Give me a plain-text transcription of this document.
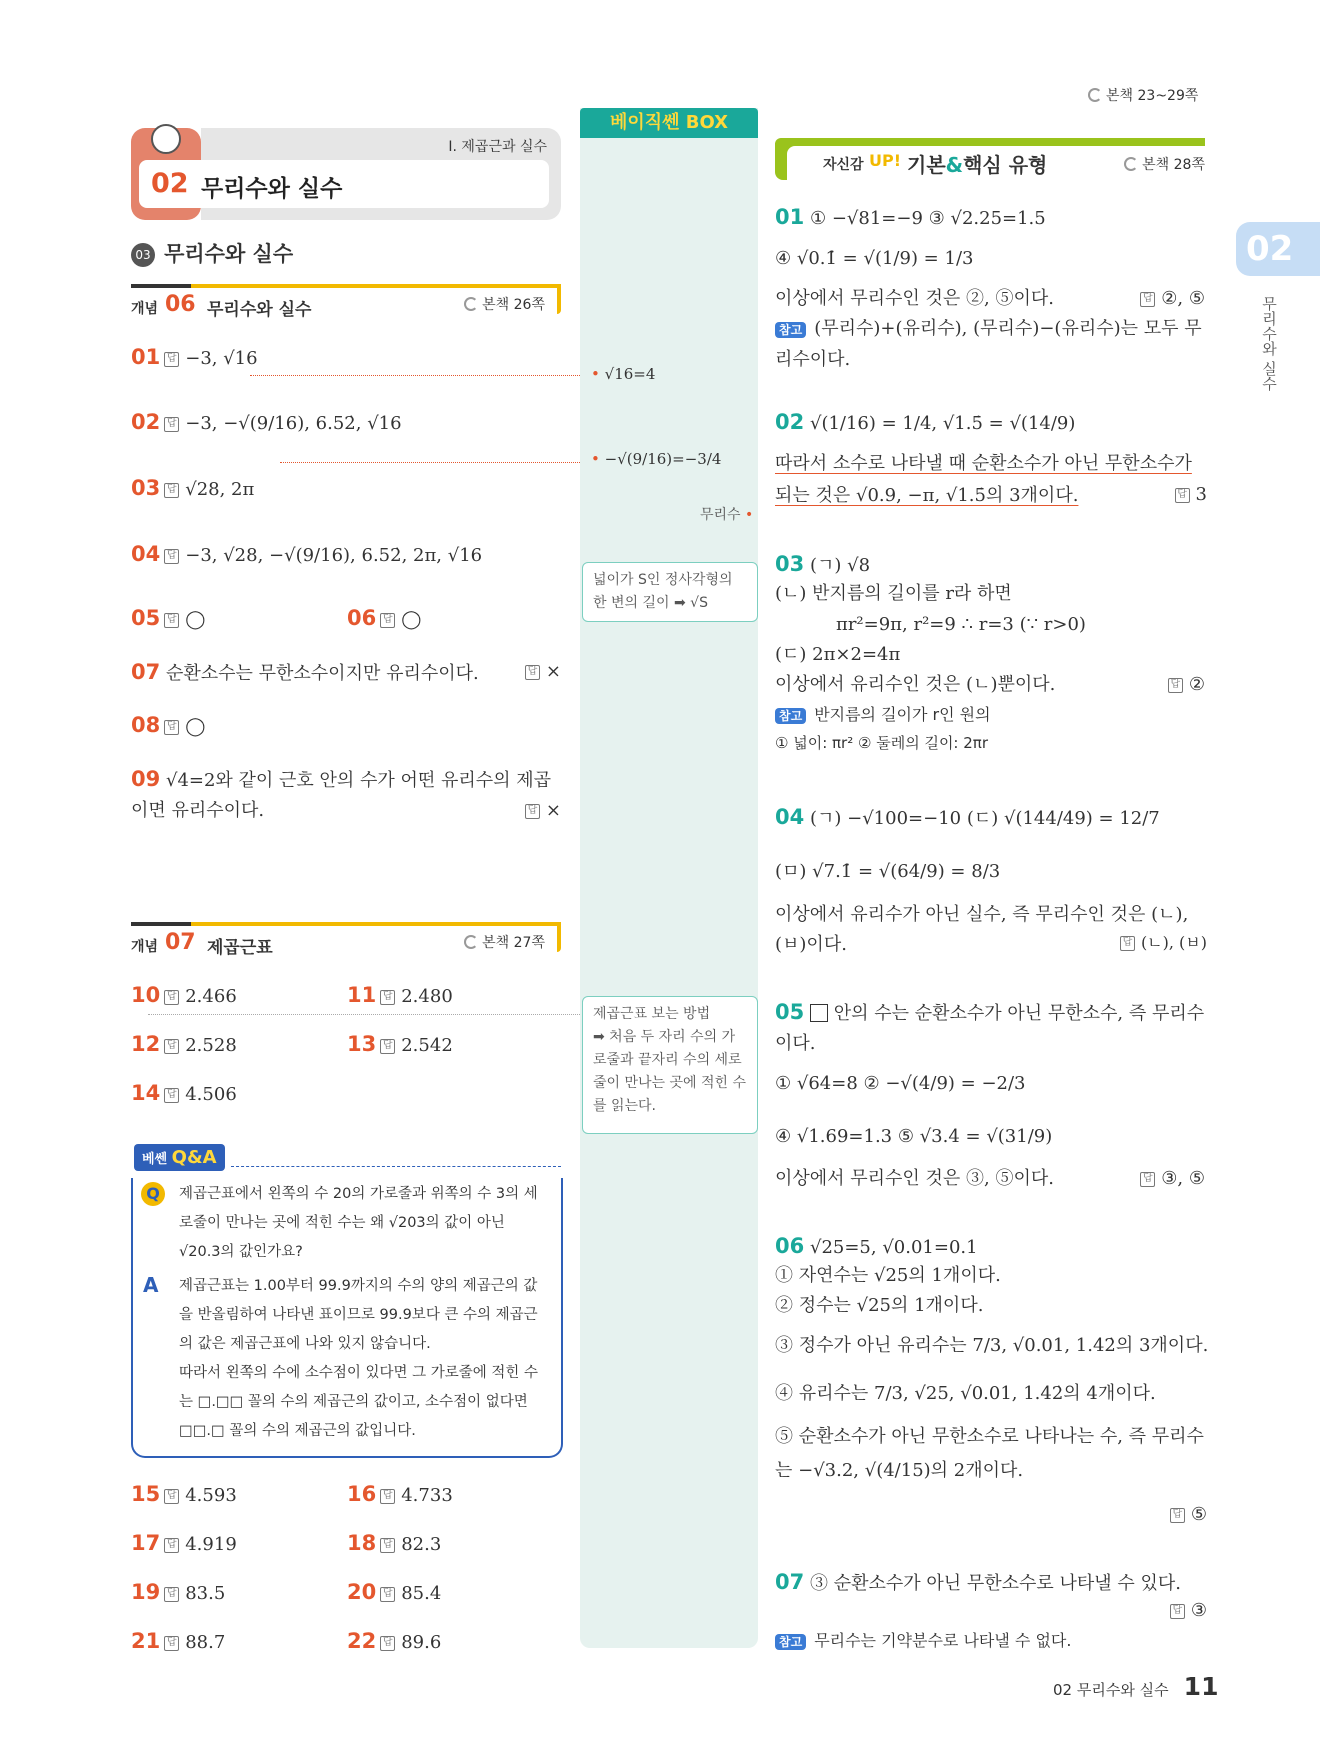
본책 23~29쪽
Ⅰ. 제곱근과 실수
02 무리수와 실수
03 무리수와 실수
개념 06 무리수와 실수	본책 26쪽
01 답 −3, √16
02 답 −3, −√(9/16), 6.52̇, √16
03 답 √28, 2π
04 답 −3, √28, −√(9/16), 6.52̇, 2π, √16
05 답 ◯	06 답 ◯
07 순환소수는 무한소수이지만 유리수이다.	답 ×
08 답 ◯
09 √4=2와 같이 근호 안의 수가 어떤 유리수의 제곱이면 유리수이다.	답 ×
개념 07 제곱근표	본책 27쪽
10 답 2.466	11 답 2.480
12 답 2.528	13 답 2.542
14 답 4.506
베쎈 Q&A
Q	제곱근표에서 왼쪽의 수 20의 가로줄과 위쪽의 수 3의 세로줄이 만나는 곳에 적힌 수는 왜 √203의 값이 아닌 √20.3의 값인가요?
A 제곱근표는 1.00부터 99.9까지의 수의 양의 제곱근의 값을 반올림하여 나타낸 표이므로 99.9보다 큰 수의 제곱근의 값은 제곱근표에 나와 있지 않습니다.
따라서 왼쪽의 수에 소수점이 있다면 그 가로줄에 적힌 수는 □.□□ 꼴의 수의 제곱근의 값이고, 소수점이 없다면 □□.□ 꼴의 수의 제곱근의 값입니다.
15 답 4.593	16 답 4.733
17 답 4.919	18 답 82.3
19 답 83.5	20 답 85.4
21 답 88.7	22 답 89.6
베이직쎈 BOX
• √16=4
• −√(9/16)=−3/4
무리수 •
넓이가 S인 정사각형의 한 변의 길이 ➡ √S
제곱근표 보는 방법
➡ 처음 두 자리 수의 가로줄과 끝자리 수의 세로줄이 만나는 곳에 적힌 수를 읽는다.
자신감 UP! 기본&핵심 유형	본책 28쪽
01 ① −√81=−9 ③ √2.25=1.5
④ √0.1̇ = √(1/9) = 1/3
이상에서 무리수인 것은 ②, ⑤이다.	답 ②, ⑤
참고 (무리수)+(유리수), (무리수)−(유리수)는 모두 무리수이다.
02 √(1/16) = 1/4, √1.5̇ = √(14/9)
따라서 소수로 나타낼 때 순환소수가 아닌 무한소수가 되는 것은 √0.9, −π, √1.5̇의 3개이다.	답 3
03 (ㄱ) √8
(ㄴ) 반지름의 길이를 r라 하면
πr²=9π, r²=9 ∴ r=3 (∵ r>0)
(ㄷ) 2π×2=4π
이상에서 유리수인 것은 (ㄴ)뿐이다.	답 ②
참고 반지름의 길이가 r인 원의
① 넓이: πr² ② 둘레의 길이: 2πr
04 (ㄱ) −√100=−10 (ㄷ) √(144/49) = 12/7
(ㅁ) √7.1̇ = √(64/9) = 8/3
이상에서 유리수가 아닌 실수, 즉 무리수인 것은 (ㄴ), (ㅂ)이다.	답 (ㄴ), (ㅂ)
05 안의 수는 순환소수가 아닌 무한소수, 즉 무리수이다.
① √64=8 ② −√(4/9) = −2/3
④ √1.69=1.3 ⑤ √3.4̇ = √(31/9)
이상에서 무리수인 것은 ③, ⑤이다.	답 ③, ⑤
06 √25=5, √0.01=0.1
① 자연수는 √25의 1개이다.
② 정수는 √25의 1개이다.
③ 정수가 아닌 유리수는 7/3, √0.01, 1.42̇의 3개이다.
④ 유리수는 7/3, √25, √0.01, 1.42̇의 4개이다.
⑤ 순환소수가 아닌 무한소수로 나타나는 수, 즉 무리수는 −√3.2, √(4/15)의 2개이다.
답 ⑤
07 ③ 순환소수가 아닌 무한소수로 나타낼 수 있다.
답 ③
참고 무리수는 기약분수로 나타낼 수 없다.
02
무리수와 실수
02 무리수와 실수 11
